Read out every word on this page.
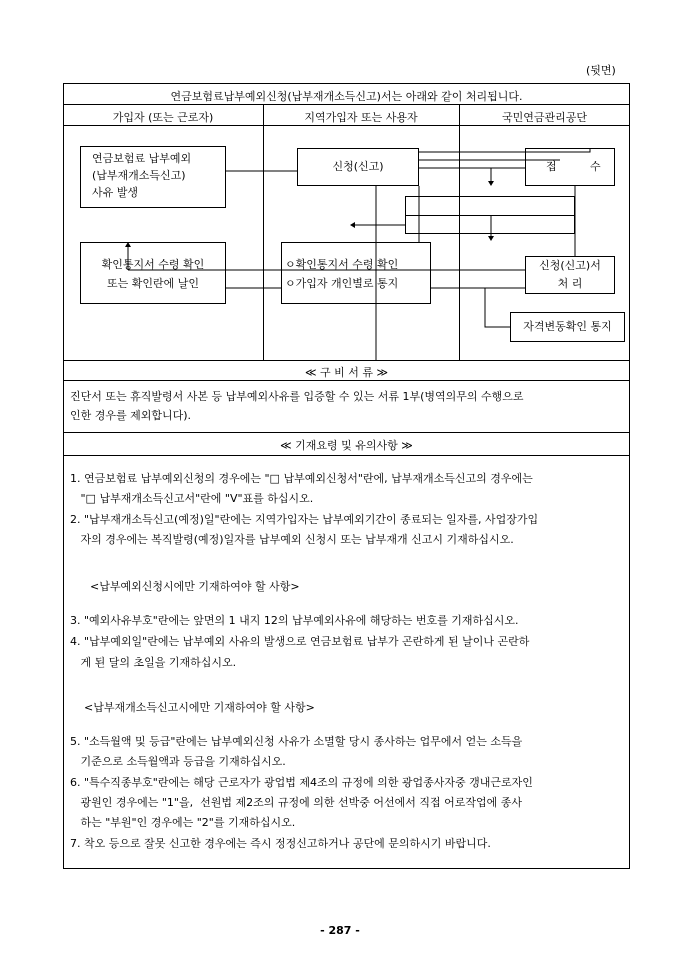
(뒷면)
연금보험료납부예외신청(납부재개소득신고)서는 아래와 같이 처리됩니다.
가입자 (또는 근로자)	지역가입자 또는 사용자	국민연금관리공단
연금보험료 납부예외
(납부재개소득신고)
사유 발생
신청(신고)	접	수
확인통지서 수령 확인
또는 확인란에 날인
ㅇ확인통지서 수령 확인
ㅇ가입자 개인별로 통지
신청(신고)서
처 리
자격변동확인 통지
≪ 구 비 서 류 ≫
진단서 또는 휴직발령서 사본 등 납부예외사유를 입증할 수 있는 서류 1부(병역의무의 수행으로
인한 경우를 제외합니다).
≪ 기재요령 및 유의사항 ≫
1. 연금보험료 납부예외신청의 경우에는 "□ 납부예외신청서"란에, 납부재개소득신고의 경우에는
"□ 납부재개소득신고서"란에 "V"표를 하십시오.
2. "납부재개소득신고(예정)일"란에는 지역가입자는 납부예외기간이 종료되는 일자를, 사업장가입
자의 경우에는 복직발령(예정)일자를 납부예외 신청시 또는 납부재개 신고시 기재하십시오.
<납부예외신청시에만 기재하여야 할 사항>
3. "예외사유부호"란에는 앞면의 1 내지 12의 납부예외사유에 해당하는 번호를 기재하십시오.
4. "납부예외일"란에는 납부예외 사유의 발생으로 연금보험료 납부가 곤란하게 된 날이나 곤란하
게 된 달의 초일을 기재하십시오.
<납부재개소득신고시에만 기재하여야 할 사항>
5. "소득월액 및 등급"란에는 납부예외신청 사유가 소멸할 당시 종사하는 업무에서 얻는 소득을
기준으로 소득월액과 등급을 기재하십시오.
6. "특수직종부호"란에는 해당 근로자가 광업법 제4조의 규정에 의한 광업종사자중 갱내근로자인
광원인 경우에는 "1"을,  선원법 제2조의 규정에 의한 선박중 어선에서 직접 어로작업에 종사
하는 "부원"인 경우에는 "2"를 기재하십시오.
7. 착오 등으로 잘못 신고한 경우에는 즉시 정정신고하거나 공단에 문의하시기 바랍니다.
- 287 -
